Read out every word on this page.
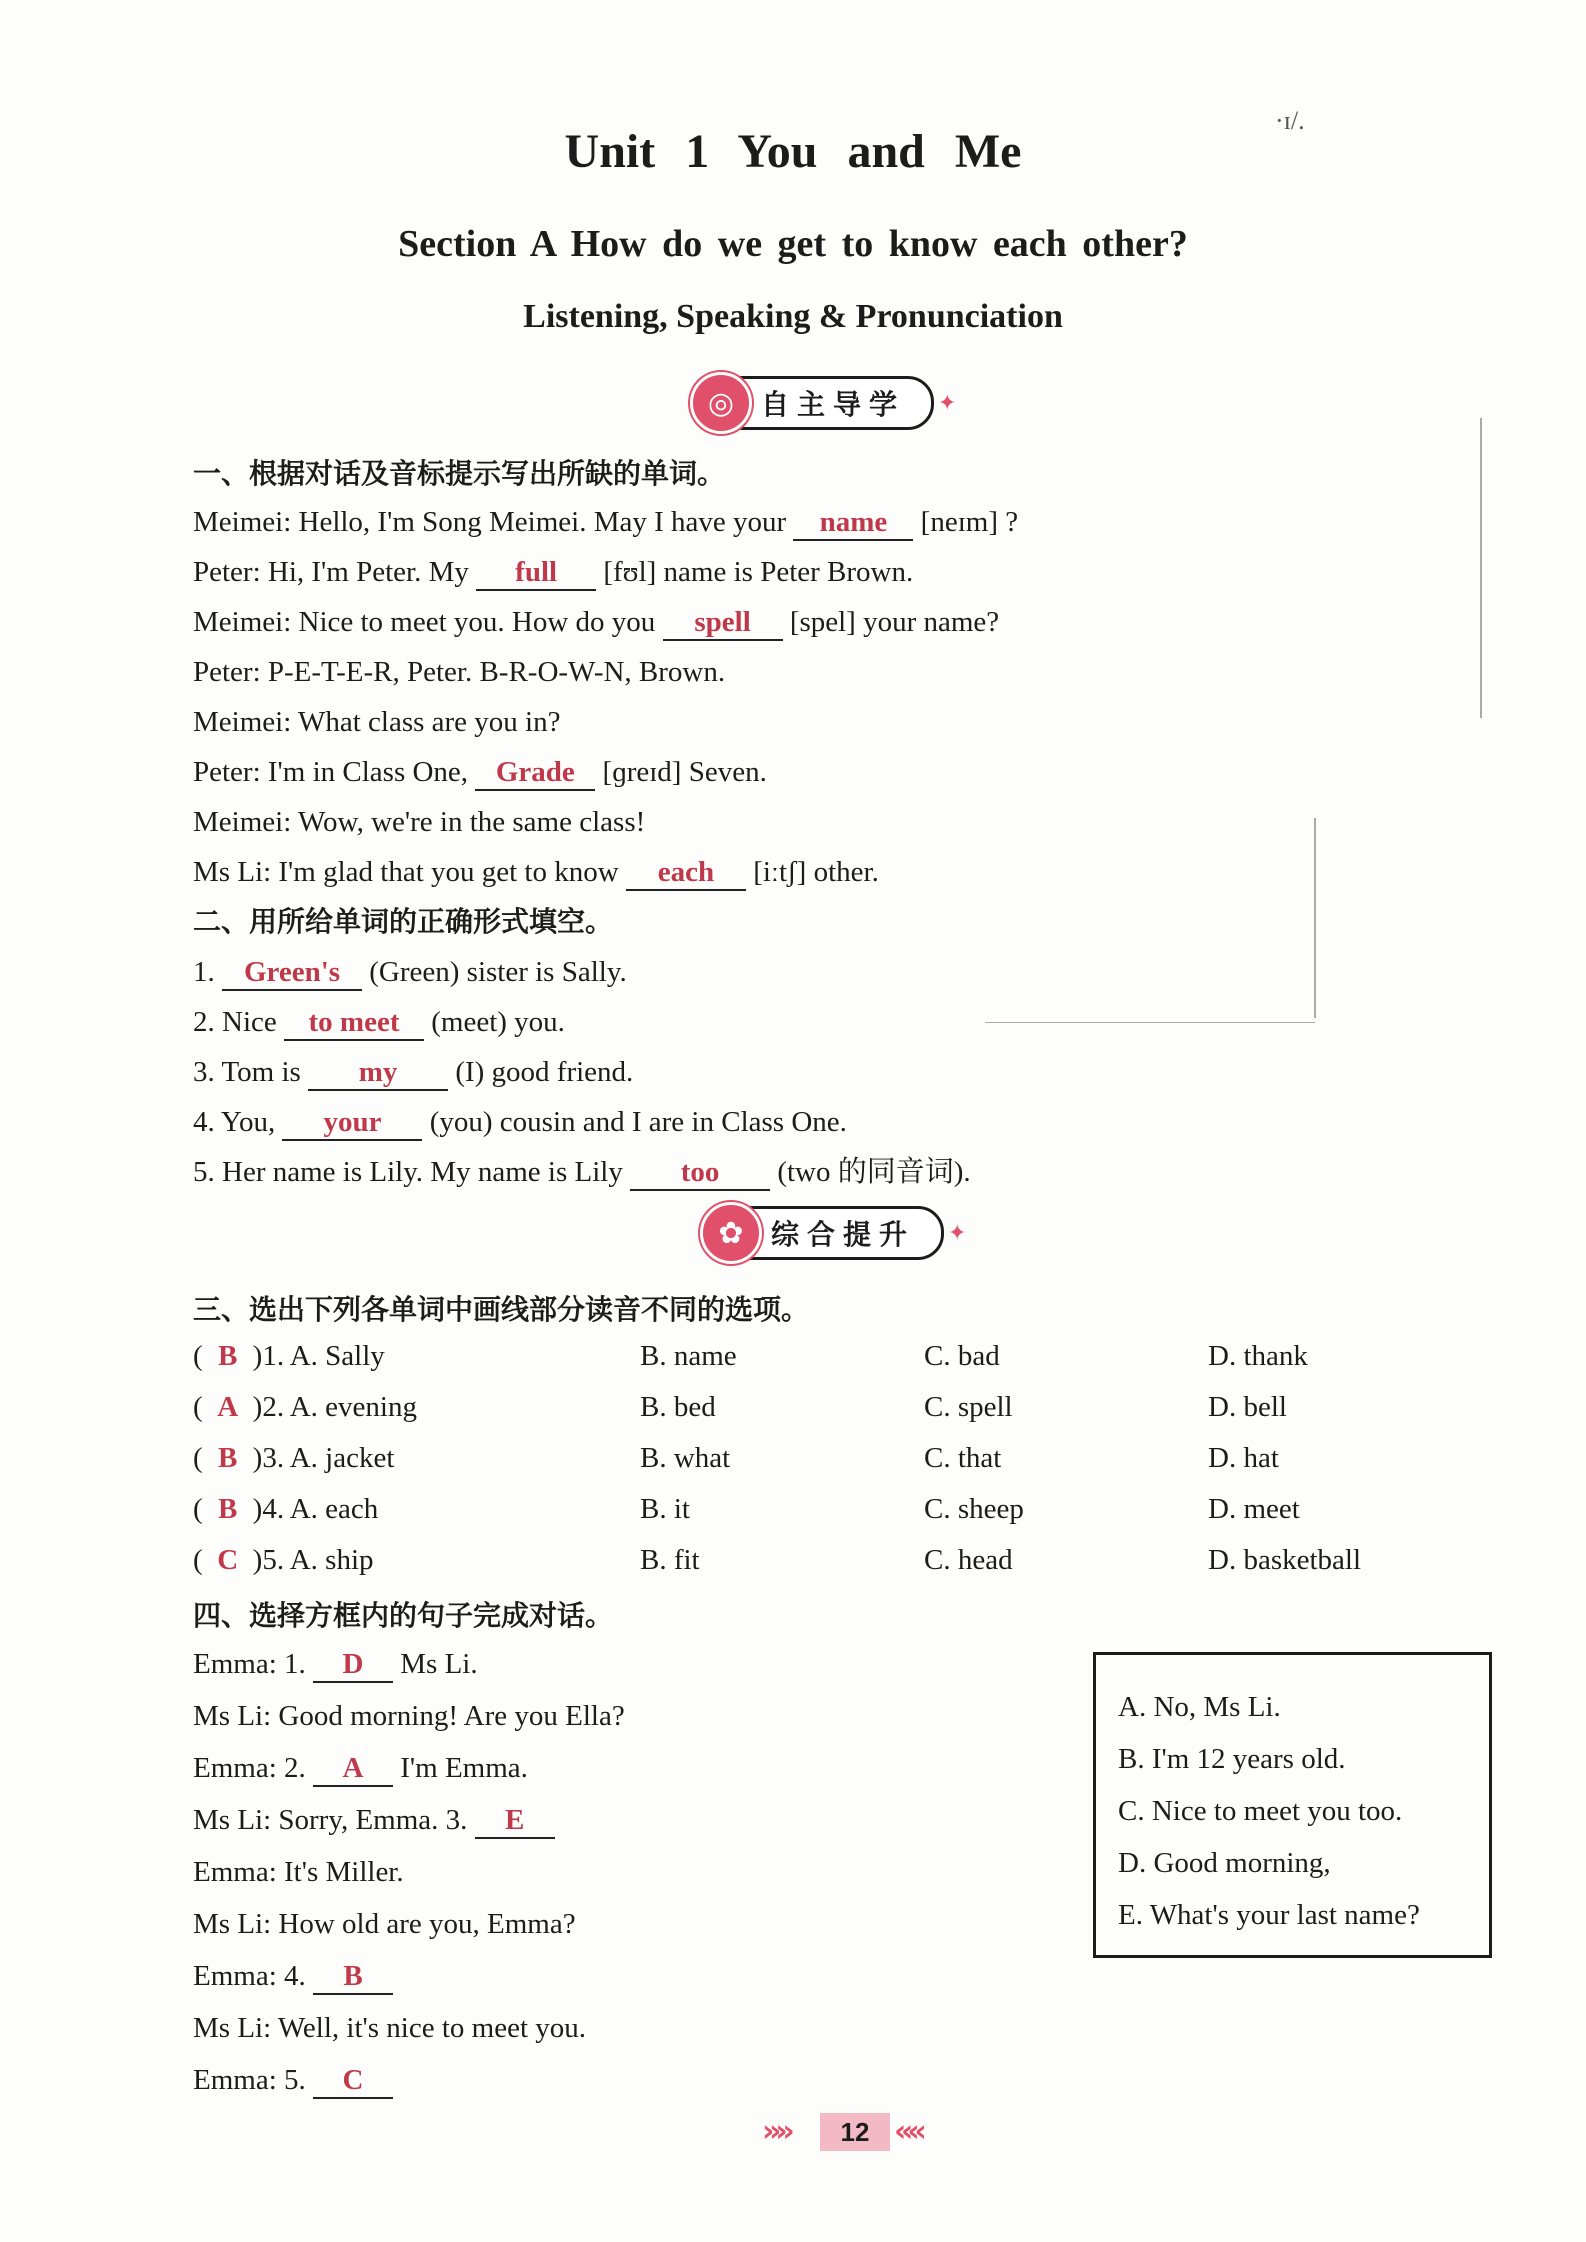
·ɪ/.
Unit 1 You and Me
Section A How do we get to know each other?
Listening, Speaking & Pronunciation
◎ 自主导学	✦
一、根据对话及音标提示写出所缺的单词。
Meimei: Hello, I'm Song Meimei. May I have your name [neɪm] ?
Peter: Hi, I'm Peter. My full [fʊl] name is Peter Brown.
Meimei: Nice to meet you. How do you spell [spel] your name?
Peter: P-E-T-E-R, Peter. B-R-O-W-N, Brown.
Meimei: What class are you in?
Peter: I'm in Class One, Grade [ɡreɪd] Seven.
Meimei: Wow, we're in the same class!
Ms Li: I'm glad that you get to know each [iːtʃ] other.
二、用所给单词的正确形式填空。
1. Green's (Green) sister is Sally.
2. Nice to meet (meet) you.
3. Tom is my (I) good friend.
4. You, your (you) cousin and I are in Class One.
5. Her name is Lily. My name is Lily too (two 的同音词).
✿ 综合提升	✦
三、选出下列各单词中画线部分读音不同的选项。
( B )1. A. Sally	B. name	C. bad	D. thank
( A )2. A. evening	B. bed	C. spell	D. bell
( B )3. A. jacket	B. what	C. that	D. hat
( B )4. A. each	B. it	C. sheep	D. meet
( C )5. A. ship	B. fit	C. head	D. basketball
四、选择方框内的句子完成对话。
Emma: 1. D Ms Li.
Ms Li: Good morning! Are you Ella?
Emma: 2. A I'm Emma.
Ms Li: Sorry, Emma. 3. E
Emma: It's Miller.
Ms Li: How old are you, Emma?
Emma: 4. B
Ms Li: Well, it's nice to meet you.
Emma: 5. C
A. No, Ms Li.
B. I'm 12 years old.
C. Nice to meet you too.
D. Good morning,
E. What's your last name?
»»	12 ««
